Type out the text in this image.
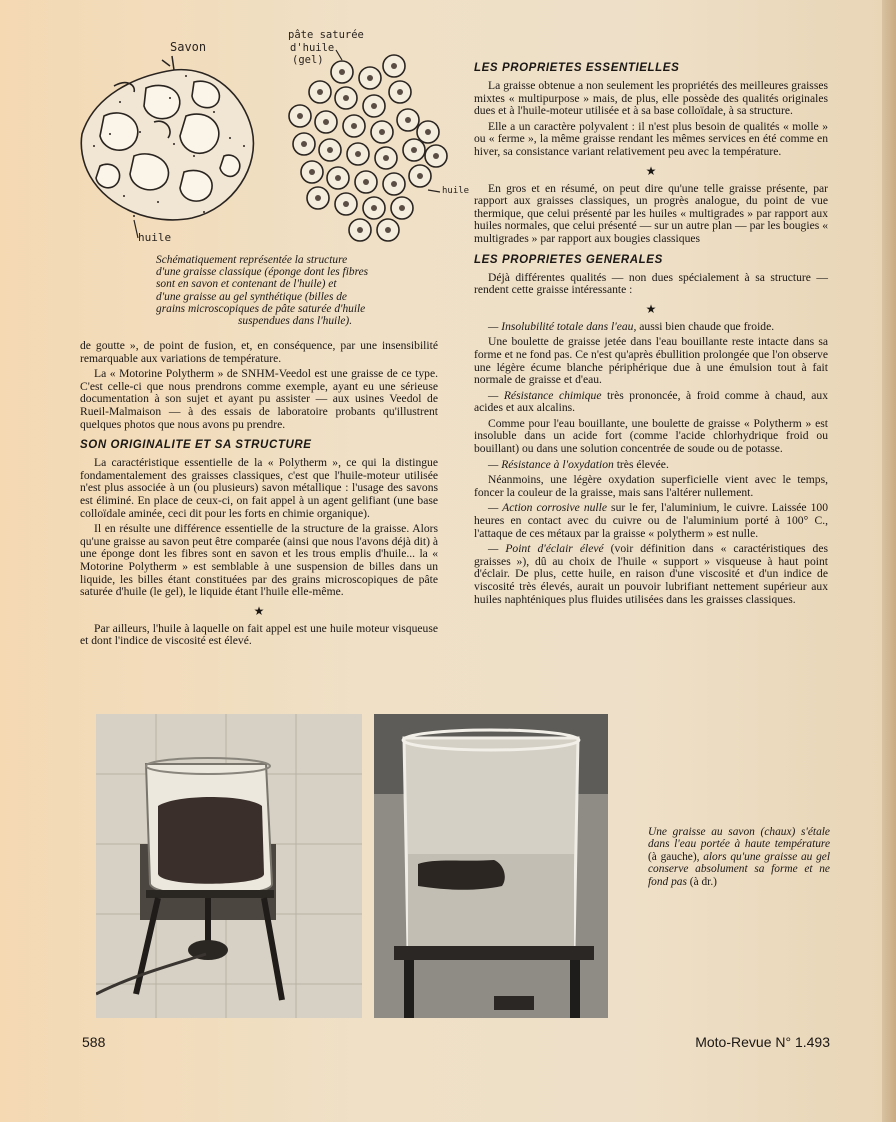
Savon
huile
pâte saturée
d'huile
(gel)
huile
Schématiquement représentée la structure
d'une graisse classique (éponge dont les fibres
sont en savon et contenant de l'huile) et
d'une graisse au gel synthétique (billes de
grains microscopiques de pâte saturée d'huile
suspendues dans l'huile).

de goutte », de point de fusion, et, en conséquence, par une insensibilité remarquable aux variations de température.

La « Motorine Polytherm » de SNHM-Veedol est une graisse de ce type. C'est celle-ci que nous prendrons comme exemple, ayant eu une sérieuse documentation à son sujet et ayant pu assister — aux usines Veedol de Rueil-Malmaison — à des essais de laboratoire probants qu'illustrent quelques photos que nous avons pu prendre.

SON ORIGINALITE ET SA STRUCTURE

La caractéristique essentielle de la « Polytherm », ce qui la distingue fondamentalement des graisses classiques, c'est que l'huile-moteur utilisée n'est plus associée à un (ou plusieurs) savon métallique : l'usage des savons est éliminé. En place de ceux-ci, on fait appel à un agent gelifiant (une base colloïdale aminée, ceci dit pour les forts en chimie organique).

Il en résulte une différence essentielle de la structure de la graisse. Alors qu'une graisse au savon peut être comparée (ainsi que nous l'avons déjà dit) à une éponge dont les fibres sont en savon et les trous emplis d'huile... la « Motorine Polytherm » est semblable à une suspension de billes dans un liquide, les billes étant constituées par des grains microscopiques de pâte saturée d'huile (le gel), le liquide étant l'huile elle-même.

★

Par ailleurs, l'huile à laquelle on fait appel est une huile moteur visqueuse et dont l'indice de viscosité est élevé.

LES PROPRIETES ESSENTIELLES

La graisse obtenue a non seulement les propriétés des meilleures graisses mixtes « multipurpose » mais, de plus, elle possède des qualités originales dues et à l'huile-moteur utilisée et à sa base colloïdale, à sa structure.

Elle a un caractère polyvalent : il n'est plus besoin de qualités « molle » ou « ferme », la même graisse rendant les mêmes services en été comme en hiver, sa consistance variant relativement peu avec la température.

★

En gros et en résumé, on peut dire qu'une telle graisse présente, par rapport aux graisses classiques, un progrès analogue, du point de vue thermique, que celui présenté par les huiles « multigrades » par rapport aux huiles normales, que celui présenté — sur un autre plan — par les bougies « multigrades » par rapport aux bougies classiques

LES PROPRIETES GENERALES

Déjà différentes qualités — non dues spécialement à sa structure — rendent cette graisse intéressante :

★

— Insolubilité totale dans l'eau, aussi bien chaude que froide.

Une boulette de graisse jetée dans l'eau bouillante reste intacte dans sa forme et ne fond pas. Ce n'est qu'après ébullition prolongée que l'on observe une légère écume blanche périphérique due à une émulsion tout à fait normale de graisse et d'eau.

— Résistance chimique très prononcée, à froid comme à chaud, aux acides et aux alcalins.

Comme pour l'eau bouillante, une boulette de graisse « Polytherm » est insoluble dans un acide fort (comme l'acide chlorhydrique froid ou bouillant) ou dans une solution concentrée de soude ou de potasse.

— Résistance à l'oxydation très élevée.

Néanmoins, une légère oxydation superficielle vient avec le temps, foncer la couleur de la graisse, mais sans l'altérer nullement.

— Action corrosive nulle sur le fer, l'aluminium, le cuivre. Laissée 100 heures en contact avec du cuivre ou de l'aluminium porté à 100° C., l'attaque de ces métaux par la graisse « polytherm » est nulle.

— Point d'éclair élevé (voir définition dans « caractéristiques des graisses »), dû au choix de l'huile « support » visqueuse à haut point d'éclair. De plus, cette huile, en raison d'une viscosité et d'un indice de viscosité très élevés, aurait un pouvoir lubrifiant nettement supérieur aux huiles naphténiques plus fluides utilisées dans les graisses classiques.

Une graisse au savon (chaux) s'étale dans l'eau portée à haute température (à gauche), alors qu'une graisse au gel conserve absolument sa forme et ne fond pas (à dr.)
588	Moto-Revue N° 1.493
